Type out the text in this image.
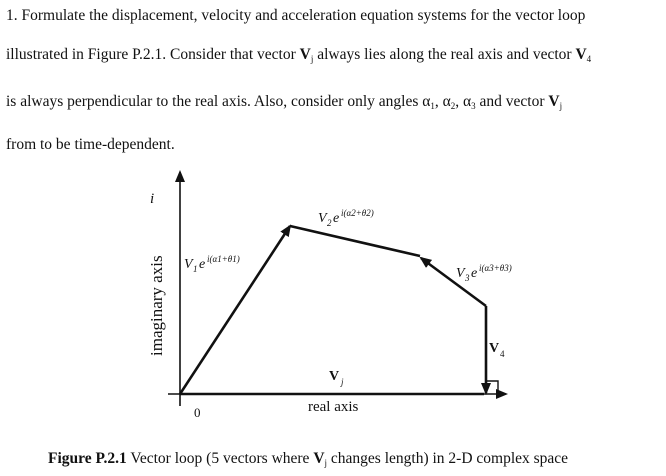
1. Formulate the displacement, velocity and acceleration equation systems for the vector loop
illustrated in Figure P.2.1. Consider that vector $V_j$ always lies along the real axis and vector $V_4$
is always perpendicular to the real axis. Also, consider only angles $\alpha_1$, $\alpha_2$, $\alpha_3$ and vector $V_j$
from to be time-dependent.
i
imaginary axis
0	real axis
V 1 e i(α1+θ1)
V 2 e i(α2+θ2)
V 3 e i(α3+θ3)
V 4
V j
Figure P.2.1 Vector loop (5 vectors where $V_j$ changes length) in 2-D complex space
